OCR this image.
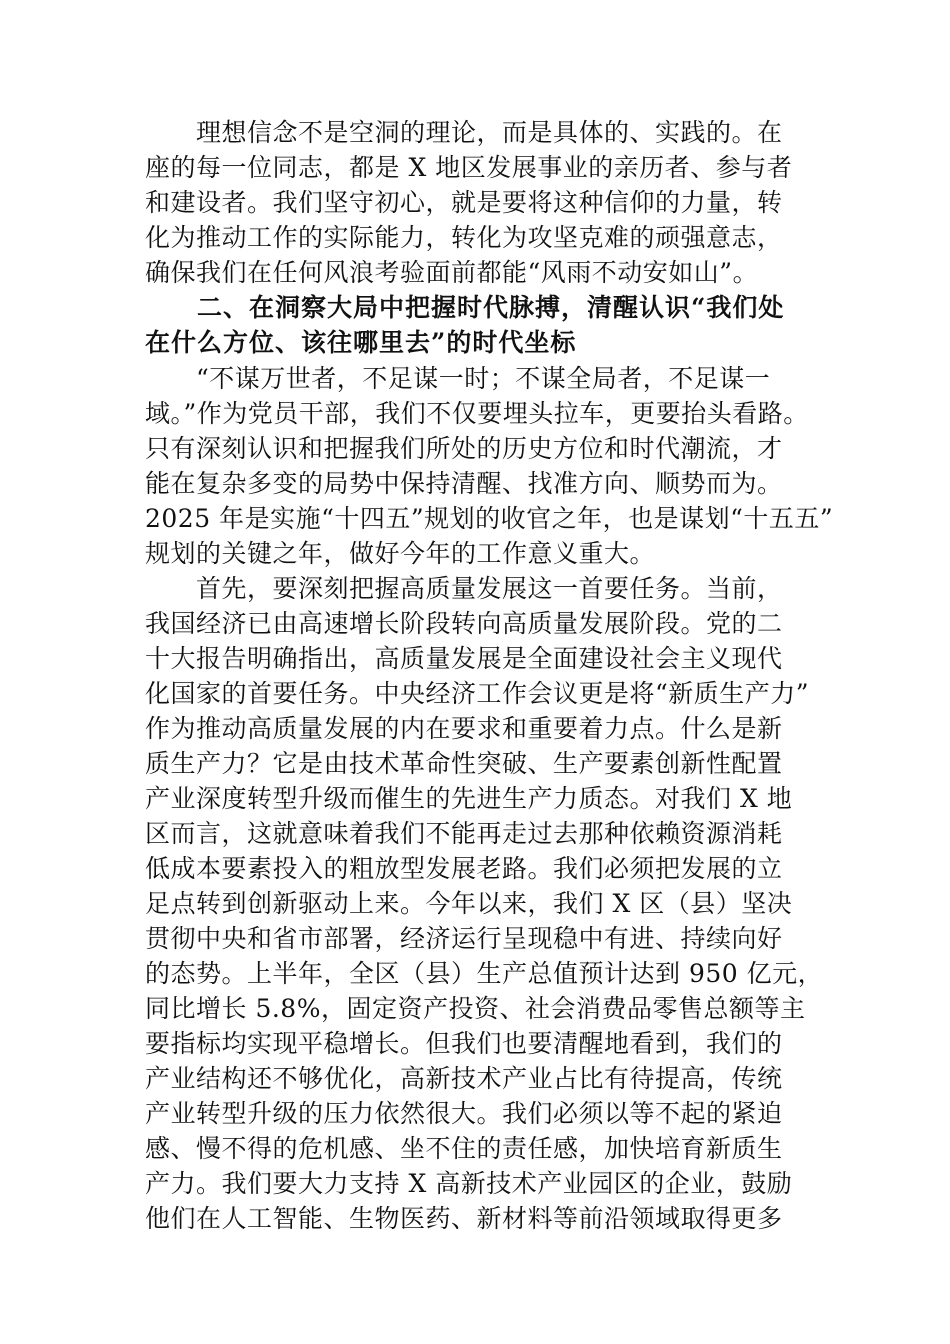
　　理想信念不是空洞的理论，而是具体的、实践的。在
座的每一位同志，都是 X 地区发展事业的亲历者、参与者
和建设者。我们坚守初心，就是要将这种信仰的力量，转
化为推动工作的实际能力，转化为攻坚克难的顽强意志，
确保我们在任何风浪考验面前都能“风雨不动安如山”。
　　二、在洞察大局中把握时代脉搏，清醒认识“我们处
在什么方位、该往哪里去”的时代坐标
　　“不谋万世者，不足谋一时；不谋全局者，不足谋一
域。”作为党员干部，我们不仅要埋头拉车，更要抬头看路。
只有深刻认识和把握我们所处的历史方位和时代潮流，才
能在复杂多变的局势中保持清醒、找准方向、顺势而为。
2025 年是实施“十四五”规划的收官之年，也是谋划“十五五”
规划的关键之年，做好今年的工作意义重大。
　　首先，要深刻把握高质量发展这一首要任务。当前，
我国经济已由高速增长阶段转向高质量发展阶段。党的二
十大报告明确指出，高质量发展是全面建设社会主义现代
化国家的首要任务。中央经济工作会议更是将“新质生产力”
作为推动高质量发展的内在要求和重要着力点。什么是新
质生产力？它是由技术革命性突破、生产要素创新性配置
产业深度转型升级而催生的先进生产力质态。对我们 X 地
区而言，这就意味着我们不能再走过去那种依赖资源消耗
低成本要素投入的粗放型发展老路。我们必须把发展的立
足点转到创新驱动上来。今年以来，我们 X 区（县）坚决
贯彻中央和省市部署，经济运行呈现稳中有进、持续向好
的态势。上半年，全区（县）生产总值预计达到 950 亿元，
同比增长 5.8%，固定资产投资、社会消费品零售总额等主
要指标均实现平稳增长。但我们也要清醒地看到，我们的
产业结构还不够优化，高新技术产业占比有待提高，传统
产业转型升级的压力依然很大。我们必须以等不起的紧迫
感、慢不得的危机感、坐不住的责任感，加快培育新质生
产力。我们要大力支持 X 高新技术产业园区的企业，鼓励
他们在人工智能、生物医药、新材料等前沿领域取得更多
